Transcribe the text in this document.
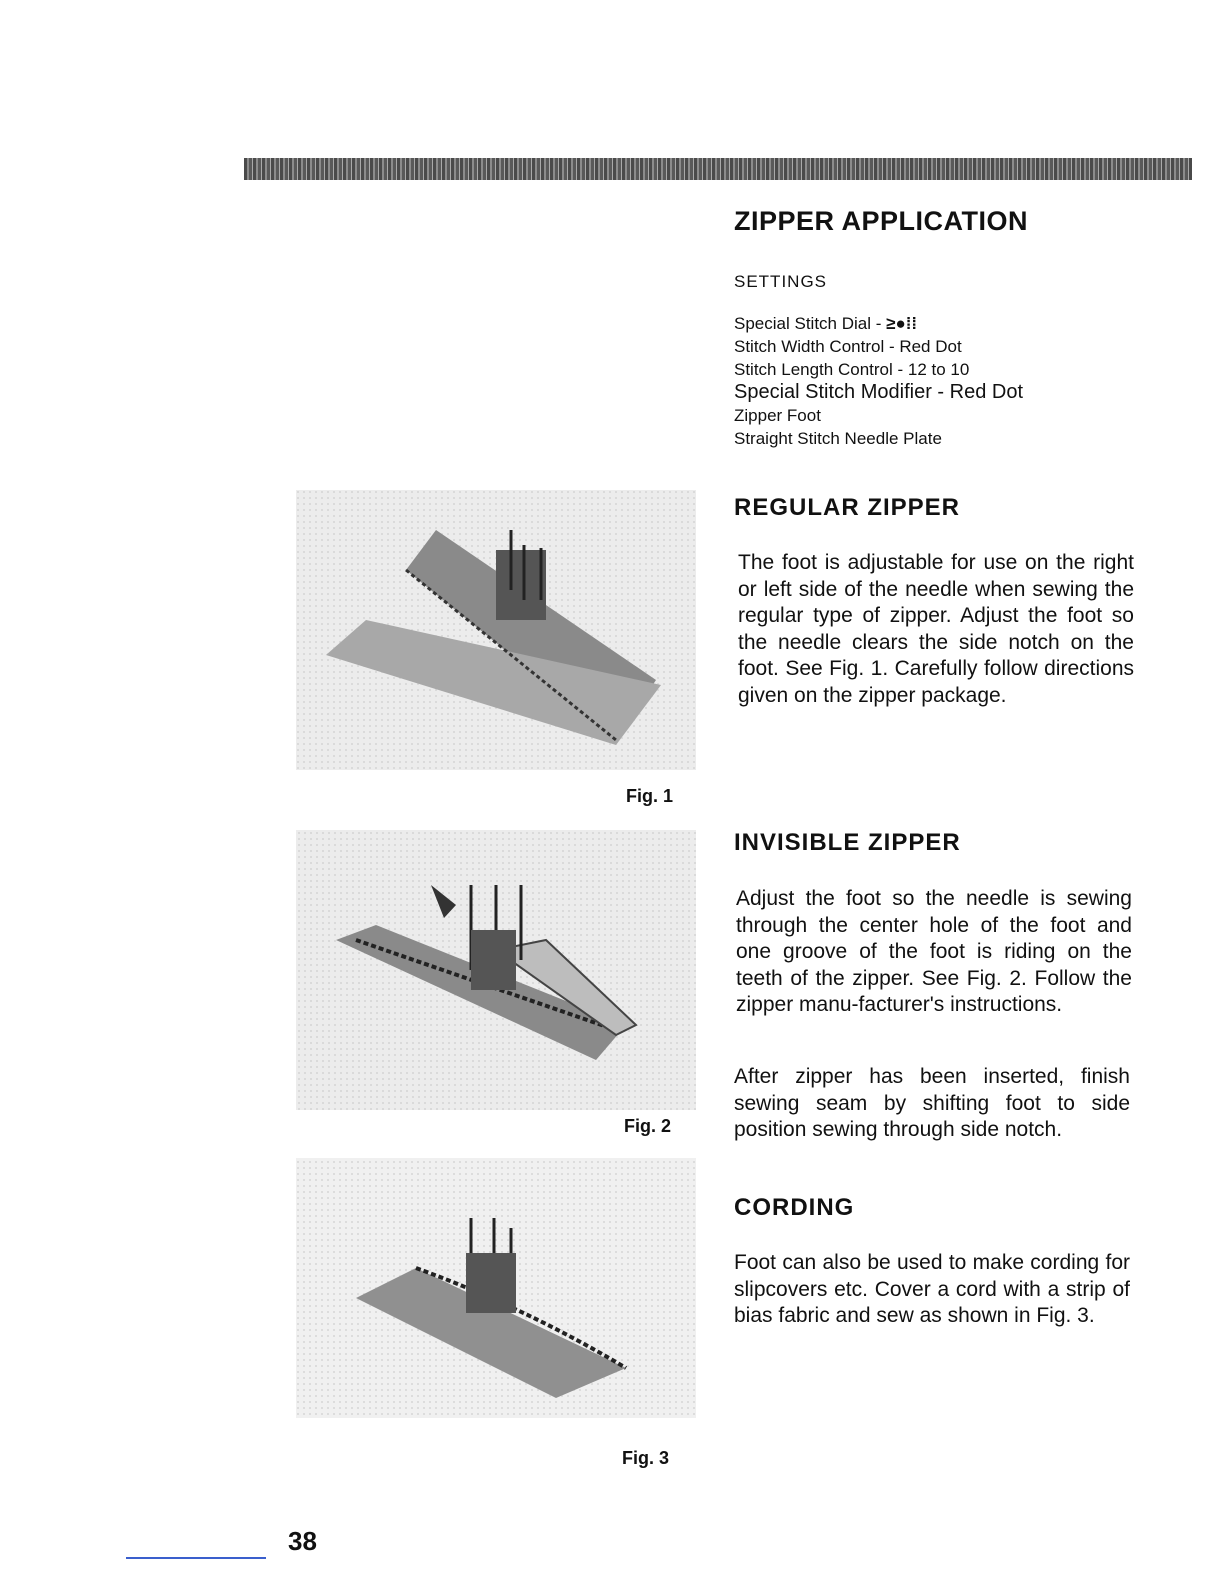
ZIPPER APPLICATION
SETTINGS
Special Stitch Dial - ≥●⁞⁞
Stitch Width Control - Red Dot
Stitch Length Control - 12 to 10
Special Stitch Modifier - Red Dot
Zipper Foot
Straight Stitch Needle Plate
REGULAR ZIPPER

The foot is adjustable for use on the right or left side of the needle when sewing the regular type of zipper. Adjust the foot so the needle clears the side notch on the foot. See Fig. 1. Carefully follow directions given on the zipper package.

INVISIBLE ZIPPER

Adjust the foot so the needle is sewing through the center hole of the foot and one groove of the foot is riding on the teeth of the zipper. See Fig. 2. Follow the zipper manu-facturer's instructions.

After zipper has been inserted, finish sewing seam by shifting foot to side position sewing through side notch.

CORDING

Foot can also be used to make cording for slipcovers etc. Cover a cord with a strip of bias fabric and sew as shown in Fig. 3.

Fig. 1
Fig. 2
Fig. 3
38
